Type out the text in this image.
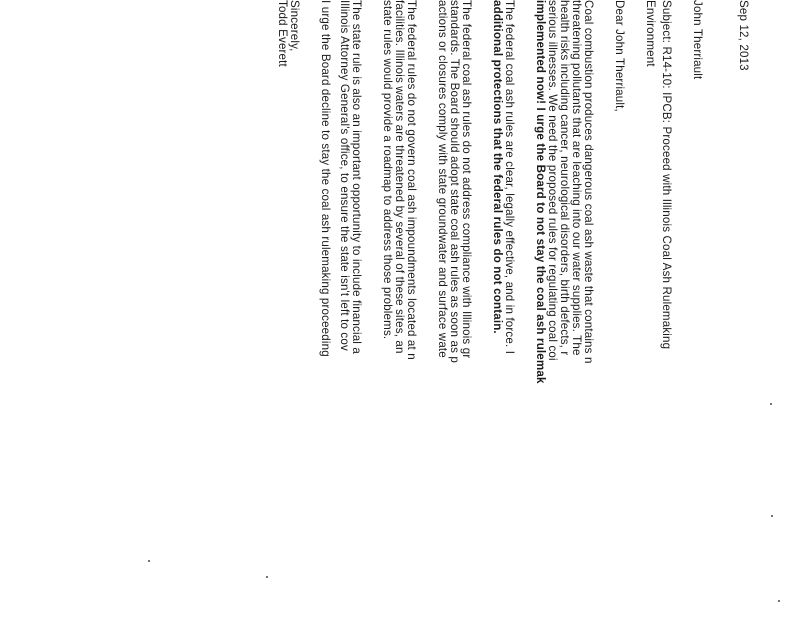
Sep 12, 2013
John Therriault
Subject: R14-10: IPCB: Proceed with Illinois Coal Ash Rulemaking
Environment
Dear John Therriault,
Coal combustion produces dangerous coal ash waste that contains n
threatening pollutants that are leaching into our water supplies. The
health risks including cancer, neurological disorders, birth defects, r
serious illnesses. We need the proposed rules for regulating coal coi
implemented now! I urge the Board to not stay the coal ash rulemak
The federal coal ash rules are clear, legally effective, and in force. I
additional protections that the federal rules do not contain.
The federal coal ash rules do not address compliance with Illinois gr
standards. The Board should adopt state coal ash rules as soon as p
actions or closures comply with state groundwater and surface wate
The federal rules do not govern coal ash impoundments located at n
facilities. Illinois waters are threatened by several of these sites, an
state rules would provide a roadmap to address those problems.
The state rule is also an important opportunity to include financial a
Illinois Attorney General's office, to ensure the state isn't left to cov
I urge the Board decline to stay the coal ash rulemaking proceeding
Sincerely,
Todd Everett
